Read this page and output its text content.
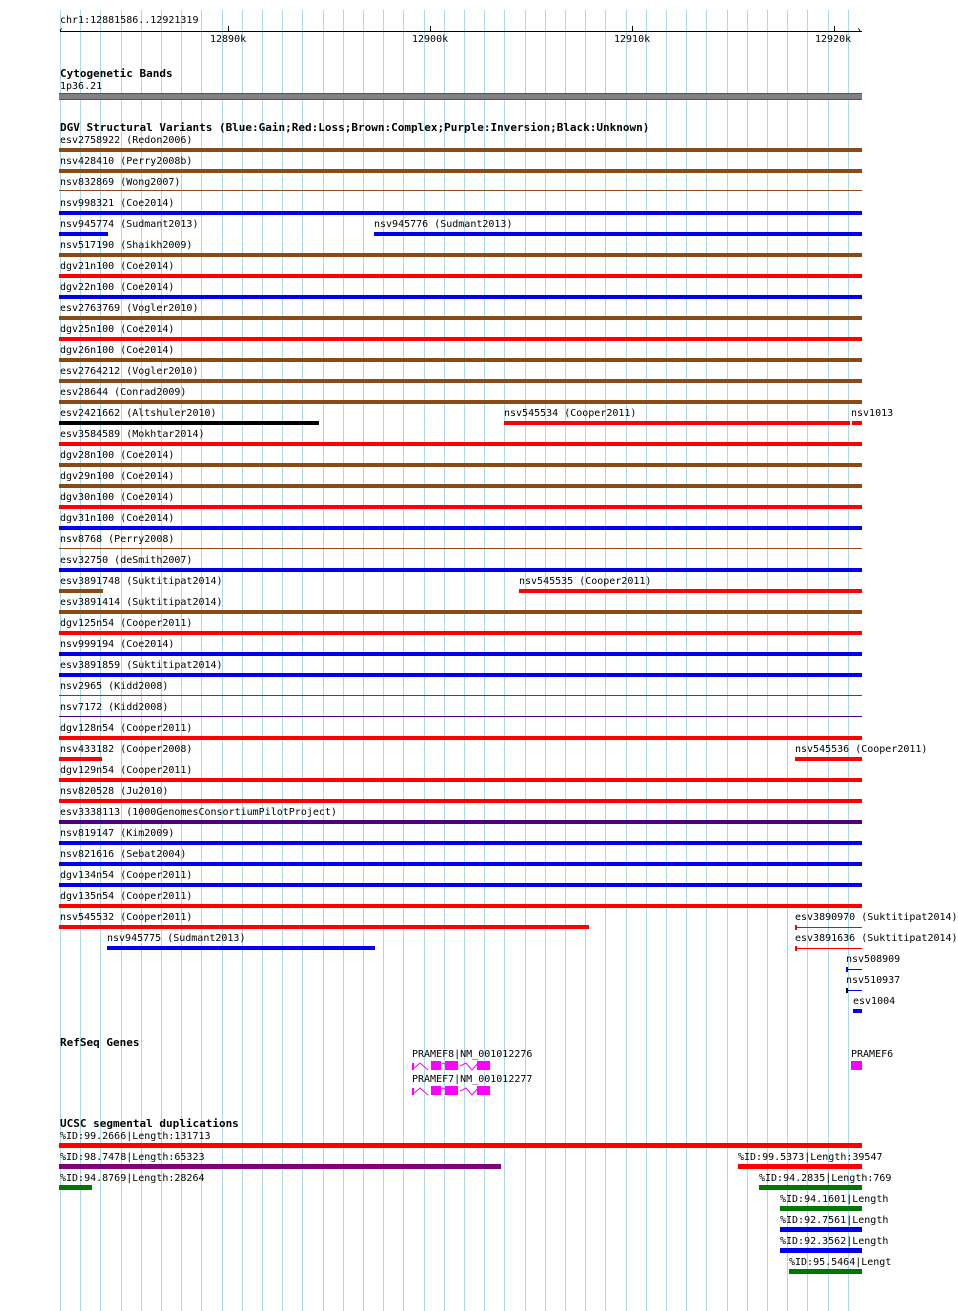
chr1:12881586..12921319
‹	›
12890k	12900k	12910k	12920k
Cytogenetic Bands
1p36.21
DGV Structural Variants (Blue:Gain;Red:Loss;Brown:Complex;Purple:Inversion;Black:Unknown)
esv2758922 (Redon2006)
nsv428410 (Perry2008b)
nsv832869 (Wong2007)
nsv998321 (Coe2014)
nsv945774 (Sudmant2013)	nsv945776 (Sudmant2013)
nsv517190 (Shaikh2009)
dgv21n100 (Coe2014)
dgv22n100 (Coe2014)
esv2763769 (Vogler2010)
dgv25n100 (Coe2014)
dgv26n100 (Coe2014)
esv2764212 (Vogler2010)
esv28644 (Conrad2009)
esv2421662 (Altshuler2010)	nsv545534 (Cooper2011)	nsv1013
esv3584589 (Mokhtar2014)
dgv28n100 (Coe2014)
dgv29n100 (Coe2014)
dgv30n100 (Coe2014)
dgv31n100 (Coe2014)
nsv8768 (Perry2008)
esv32750 (deSmith2007)
esv3891748 (Suktitipat2014)	nsv545535 (Cooper2011)
esv3891414 (Suktitipat2014)
dgv125n54 (Cooper2011)
nsv999194 (Coe2014)
esv3891859 (Suktitipat2014)
nsv2965 (Kidd2008)
nsv7172 (Kidd2008)
dgv128n54 (Cooper2011)
nsv433182 (Cooper2008)	nsv545536 (Cooper2011)
dgv129n54 (Cooper2011)
nsv820528 (Ju2010)
esv3338113 (1000GenomesConsortiumPilotProject)
nsv819147 (Kim2009)
nsv821616 (Sebat2004)
dgv134n54 (Cooper2011)
dgv135n54 (Cooper2011)
nsv545532 (Cooper2011)	esv3890970 (Suktitipat2014)
nsv945775 (Sudmant2013)	esv3891636 (Suktitipat2014)
nsv508909
nsv510937
esv1004
RefSeq Genes
PRAMEF8|NM_001012276
PRAMEF7|NM_001012277
PRAMEF6
UCSC segmental duplications
%ID:99.2666|Length:131713
%ID:98.7478|Length:65323	%ID:99.5373|Length:39547
%ID:94.8769|Length:28264	%ID:94.2835|Length:769
%ID:94.1601|Length
%ID:92.7561|Length
%ID:92.3562|Length
%ID:95.5464|Lengt
